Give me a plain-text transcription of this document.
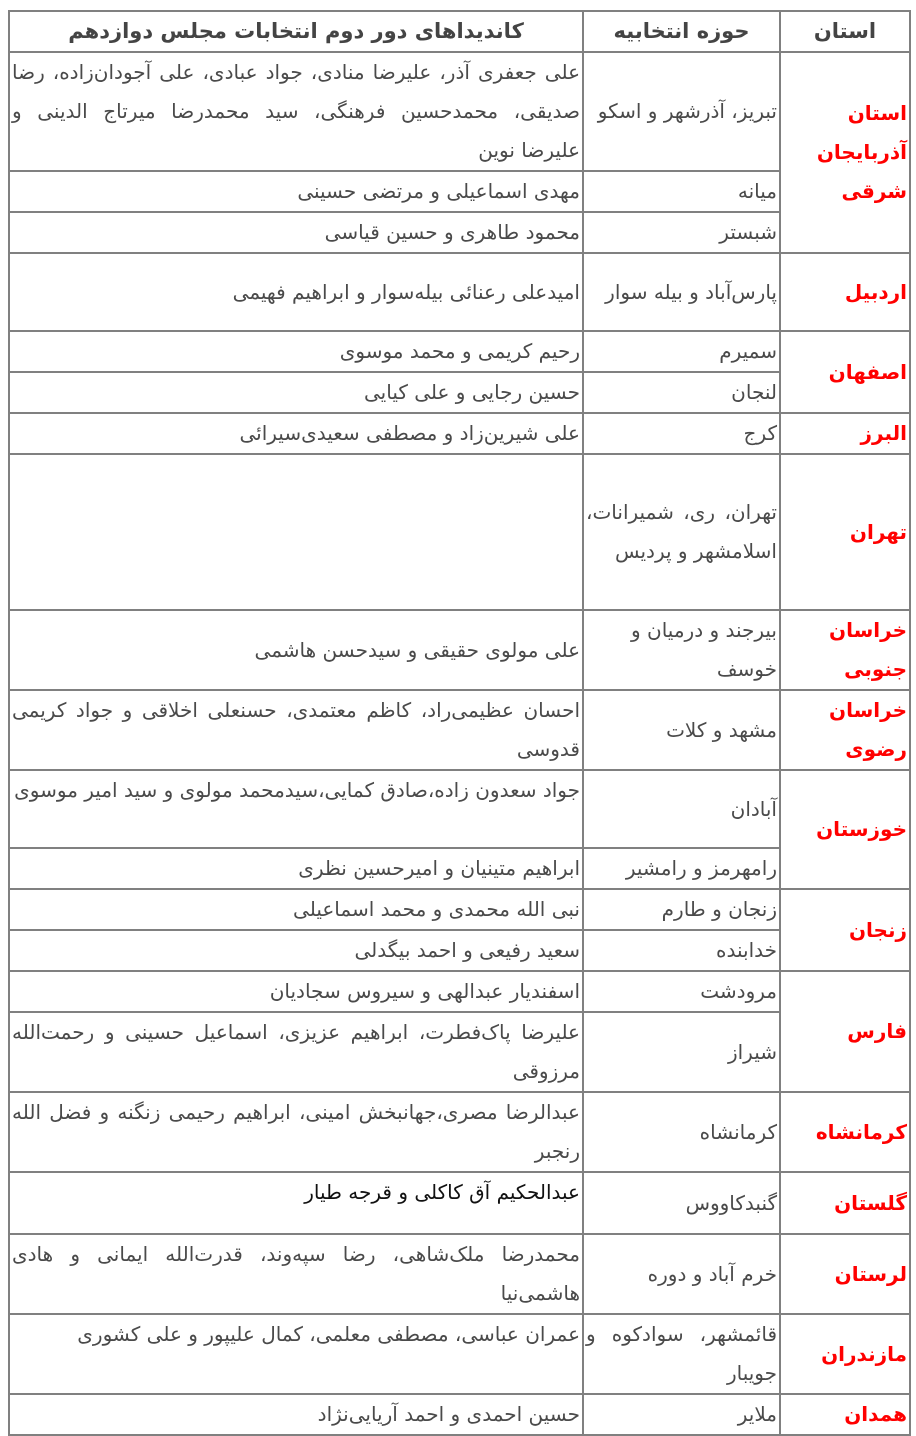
استان	حوزه انتخابیه	کاندیداهای دور دوم انتخابات مجلس دوازدهم
استان آذربایجان شرقی	تبریز، آذرشهر و اسکو	علی جعفری آذر، علیرضا منادی، جواد عبادی، علی آجودان‌زاده، رضا صدیقی، محمدحسین فرهنگی، سید محمدرضا میرتاج الدینی و علیرضا نوین
	میانه	مهدی اسماعیلی و مرتضی حسینی
	شبستر	محمود طاهری و حسین قیاسی
اردبیل	پارس‌آباد و بیله سوار	امیدعلی رعنائی بیله‌سوار و ابراهیم فهیمی
اصفهان	سمیرم	رحیم کریمی و محمد موسوی
	لنجان	حسین رجایی و علی کیایی
البرز	کرج	علی شیرین‌زاد و مصطفی سعیدی‌سیرائی
تهران	تهران، ری، شمیرانات، اسلامشهر و پردیس	
خراسان جنوبی	بیرجند و درمیان و خوسف	علی مولوی حقیقی و سیدحسن هاشمی
خراسان رضوی	مشهد و کلات	احسان عظیمی‌راد، کاظم معتمدی، حسنعلی اخلاقی و جواد کریمی قدوسی
خوزستان	آبادان	جواد سعدون زاده،صادق کمایی،سیدمحمد مولوی و سید امیر موسوی
	رامهرمز و رامشیر	ابراهیم متینیان و امیرحسین نظری
زنجان	زنجان و طارم	نبی الله محمدی و محمد اسماعیلی
	خدابنده	سعید رفیعی و احمد بیگدلی
فارس	مرودشت	اسفندیار عبدالهی و سیروس سجادیان
	شیراز	علیرضا پاک‌فطرت، ابراهیم عزیزی، اسماعیل حسینی و رحمت‌الله مرزوقی
کرمانشاه	کرمانشاه	عبدالرضا مصری،جهانبخش امینی، ابراهیم رحیمی زنگنه و فضل الله رنجبر
گلستان	گنبدکاووس	عبدالحکیم آق کاکلی و قرجه طیار
لرستان	خرم آباد و دوره	محمدرضا ملک‌شاهی، رضا سپه‌وند، قدرت‌الله ایمانی و هادی هاشمی‌نیا
مازندران	قائمشهر، سوادکوه و جویبار	عمران عباسی، مصطفی معلمی، کمال علیپور و علی کشوری
همدان	ملایر	حسین احمدی و احمد آریایی‌نژاد
